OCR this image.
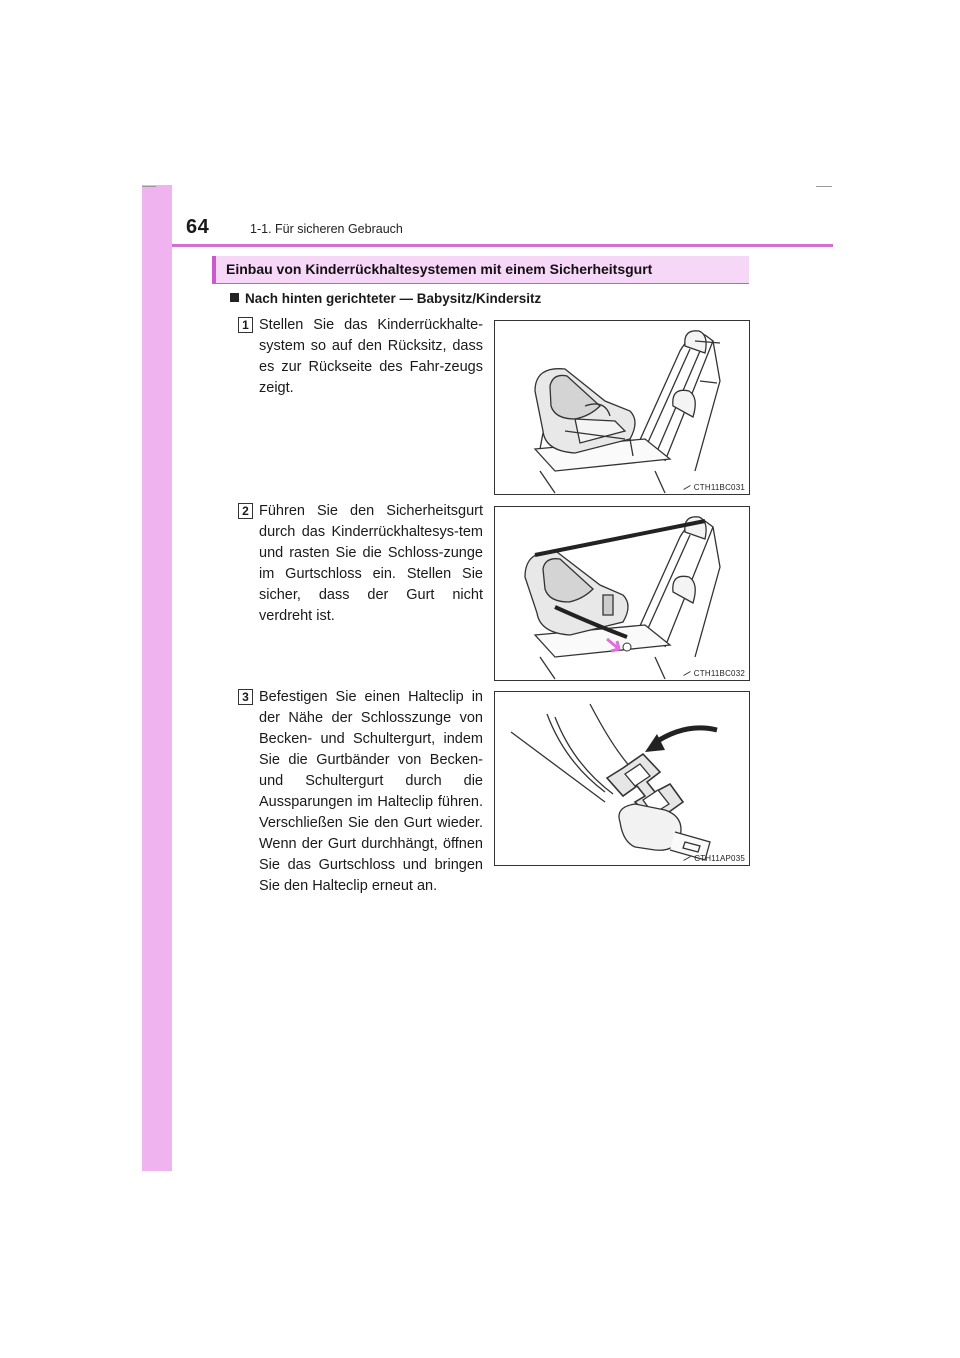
64	1-1. Für sicheren Gebrauch
Einbau von Kinderrückhaltesystemen mit einem Sicherheitsgurt
Nach hinten gerichteter — Babysitz/Kindersitz
1 Stellen Sie das Kinderrückhalte-system so auf den Rücksitz, dass es zur Rückseite des Fahr-zeugs zeigt.
CTH11BC031
2 Führen Sie den Sicherheitsgurt durch das Kinderrückhaltesys-tem und rasten Sie die Schloss-zunge im Gurtschloss ein. Stellen Sie sicher, dass der Gurt nicht verdreht ist.
CTH11BC032
3 Befestigen Sie einen Halteclip in der Nähe der Schlosszunge von Becken- und Schultergurt, indem Sie die Gurtbänder von Becken- und Schultergurt durch die Aussparungen im Halteclip führen. Verschließen Sie den Gurt wieder. Wenn der Gurt durchhängt, öffnen Sie das Gurtschloss und bringen Sie den Halteclip erneut an.
CTH11AP035
